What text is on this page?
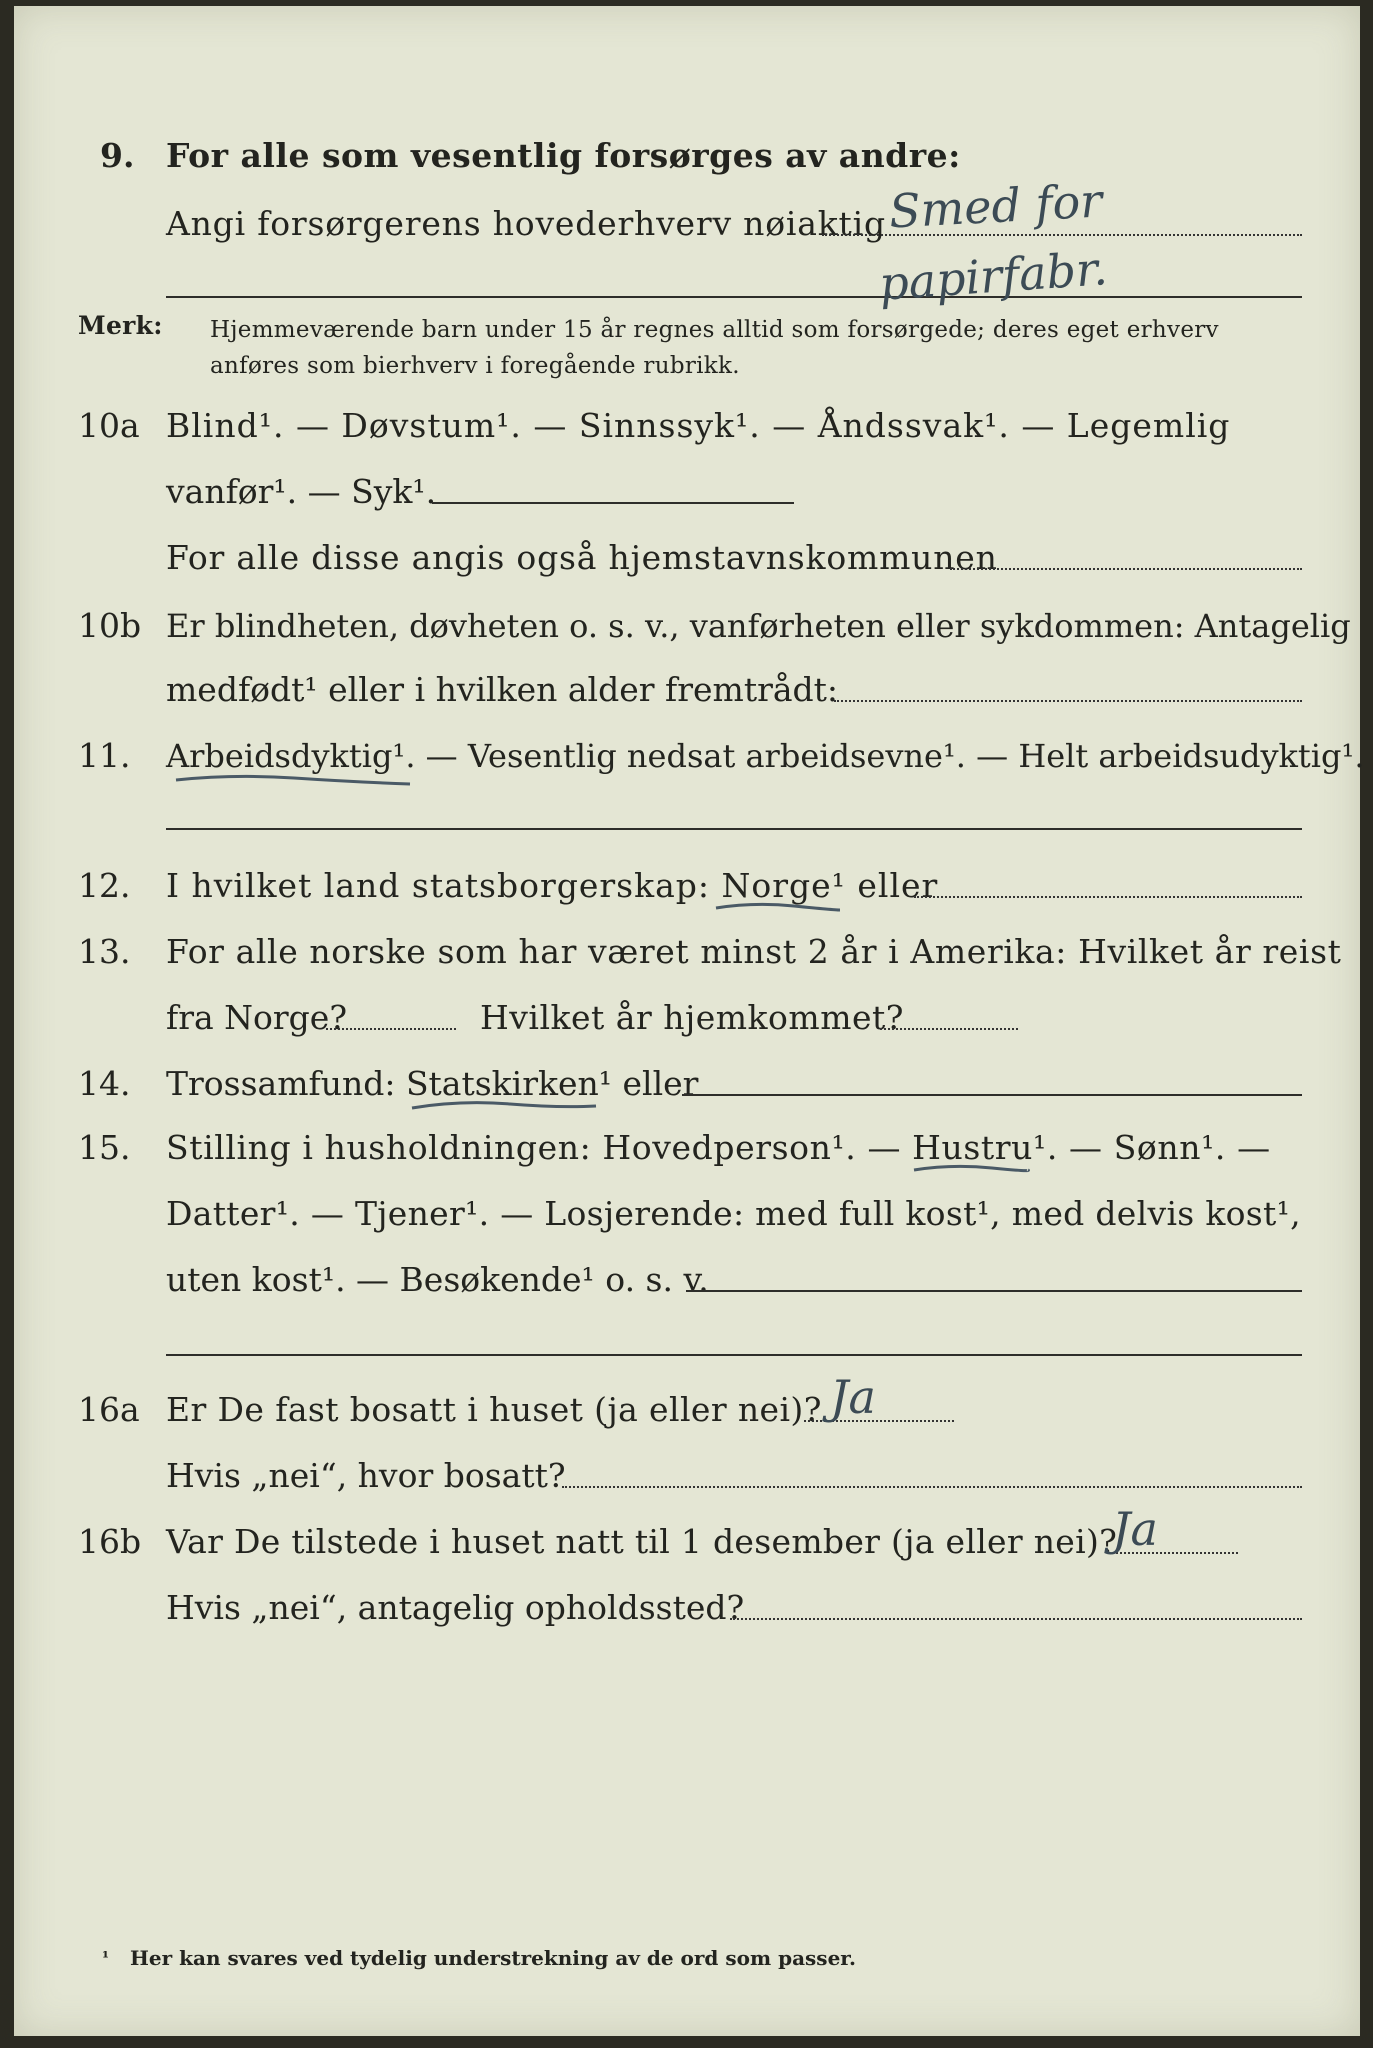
9. For alle som vesentlig forsørges av andre:
Angi forsørgerens hovederhverv nøiaktig Smed for
papirfabr.
Merk: Hjemmeværende barn under 15 år regnes alltid som forsørgede; deres eget erhverv
anføres som bierhverv i foregående rubrikk.
10a Blind¹. — Døvstum¹. — Sinnssyk¹. — Åndssvak¹. — Legemlig
vanfør¹. — Syk¹.
For alle disse angis også hjemstavnskommunen
10b Er blindheten, døvheten o. s. v., vanførheten eller sykdommen: Antagelig
medfødt¹ eller i hvilken alder fremtrådt:
11. Arbeidsdyktig¹. — Vesentlig nedsat arbeidsevne¹. — Helt arbeidsudyktig¹.
12. I hvilket land statsborgerskap: Norge¹ eller
13. For alle norske som har været minst 2 år i Amerika: Hvilket år reist
fra Norge?	Hvilket år hjemkommet?
14. Trossamfund: Statskirken¹ eller
15. Stilling i husholdningen: Hovedperson¹. — Hustru¹. — Sønn¹. —
Datter¹. — Tjener¹. — Losjerende: med full kost¹, med delvis kost¹,
uten kost¹. — Besøkende¹ o. s. v.
16a Er De fast bosatt i huset (ja eller nei)? Ja
Hvis „nei“, hvor bosatt?
16b Var De tilstede i huset natt til 1 desember (ja eller nei)?
Ja
Hvis „nei“, antagelig opholdssted?
¹ Her kan svares ved tydelig understrekning av de ord som passer.
